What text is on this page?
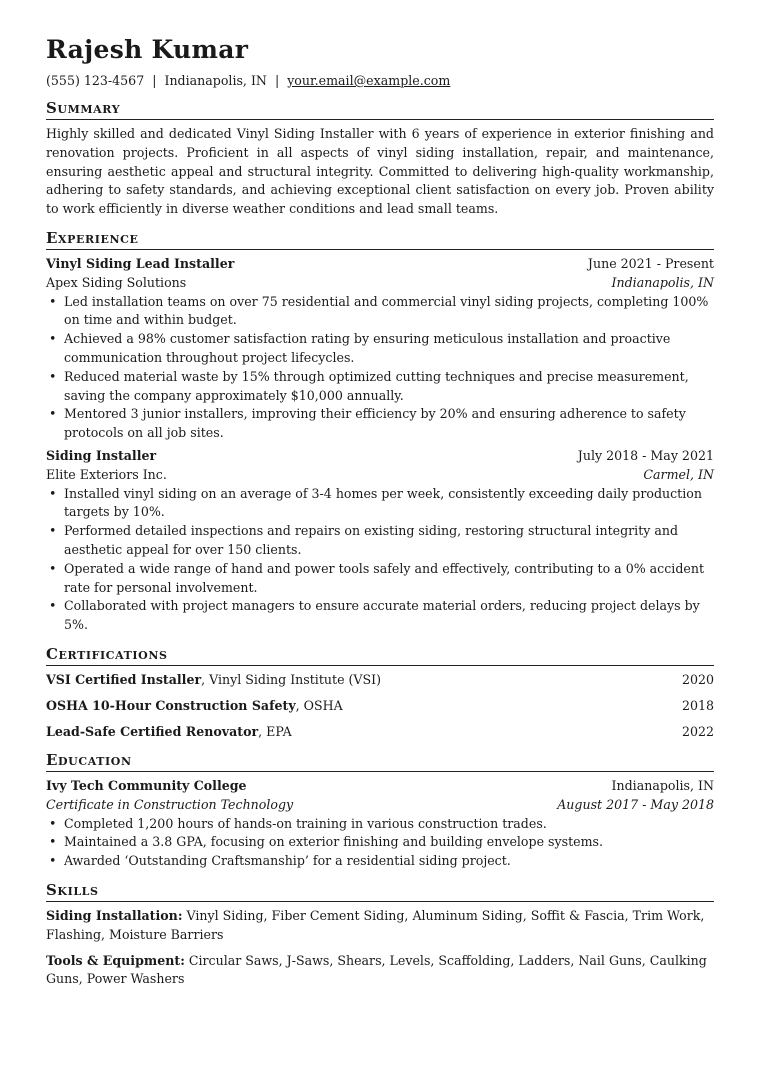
Rajesh Kumar
(555) 123-4567 | Indianapolis, IN | your.email@example.com
Summary
Highly skilled and dedicated Vinyl Siding Installer with 6 years of experience in exterior finishing and renovation projects. Proficient in all aspects of vinyl siding installation, repair, and maintenance, ensuring aesthetic appeal and structural integrity. Committed to delivering high-quality workmanship, adhering to safety standards, and achieving exceptional client satisfaction on every job. Proven ability to work efficiently in diverse weather conditions and lead small teams.
Experience
Vinyl Siding Lead Installer	June 2021 - Present
Apex Siding Solutions	Indianapolis, IN
• Led installation teams on over 75 residential and commercial vinyl siding projects, completing 100% on time and within budget.
• Achieved a 98% customer satisfaction rating by ensuring meticulous installation and proactive communication throughout project lifecycles.
• Reduced material waste by 15% through optimized cutting techniques and precise measurement, saving the company approximately $10,000 annually.
• Mentored 3 junior installers, improving their efficiency by 20% and ensuring adherence to safety protocols on all job sites.
Siding Installer	July 2018 - May 2021
Elite Exteriors Inc.	Carmel, IN
• Installed vinyl siding on an average of 3-4 homes per week, consistently exceeding daily production targets by 10%.
• Performed detailed inspections and repairs on existing siding, restoring structural integrity and aesthetic appeal for over 150 clients.
• Operated a wide range of hand and power tools safely and effectively, contributing to a 0% accident rate for personal involvement.
• Collaborated with project managers to ensure accurate material orders, reducing project delays by 5%.
Certifications
VSI Certified Installer, Vinyl Siding Institute (VSI)	2020
OSHA 10-Hour Construction Safety, OSHA	2018
Lead-Safe Certified Renovator, EPA	2022
Education
Ivy Tech Community College	Indianapolis, IN
Certificate in Construction Technology	August 2017 - May 2018
• Completed 1,200 hours of hands-on training in various construction trades.
• Maintained a 3.8 GPA, focusing on exterior finishing and building envelope systems.
• Awarded ‘Outstanding Craftsmanship’ for a residential siding project.
Skills
Siding Installation: Vinyl Siding, Fiber Cement Siding, Aluminum Siding, Soffit & Fascia, Trim Work, Flashing, Moisture Barriers
Tools & Equipment: Circular Saws, J-Saws, Shears, Levels, Scaffolding, Ladders, Nail Guns, Caulking Guns, Power Washers
